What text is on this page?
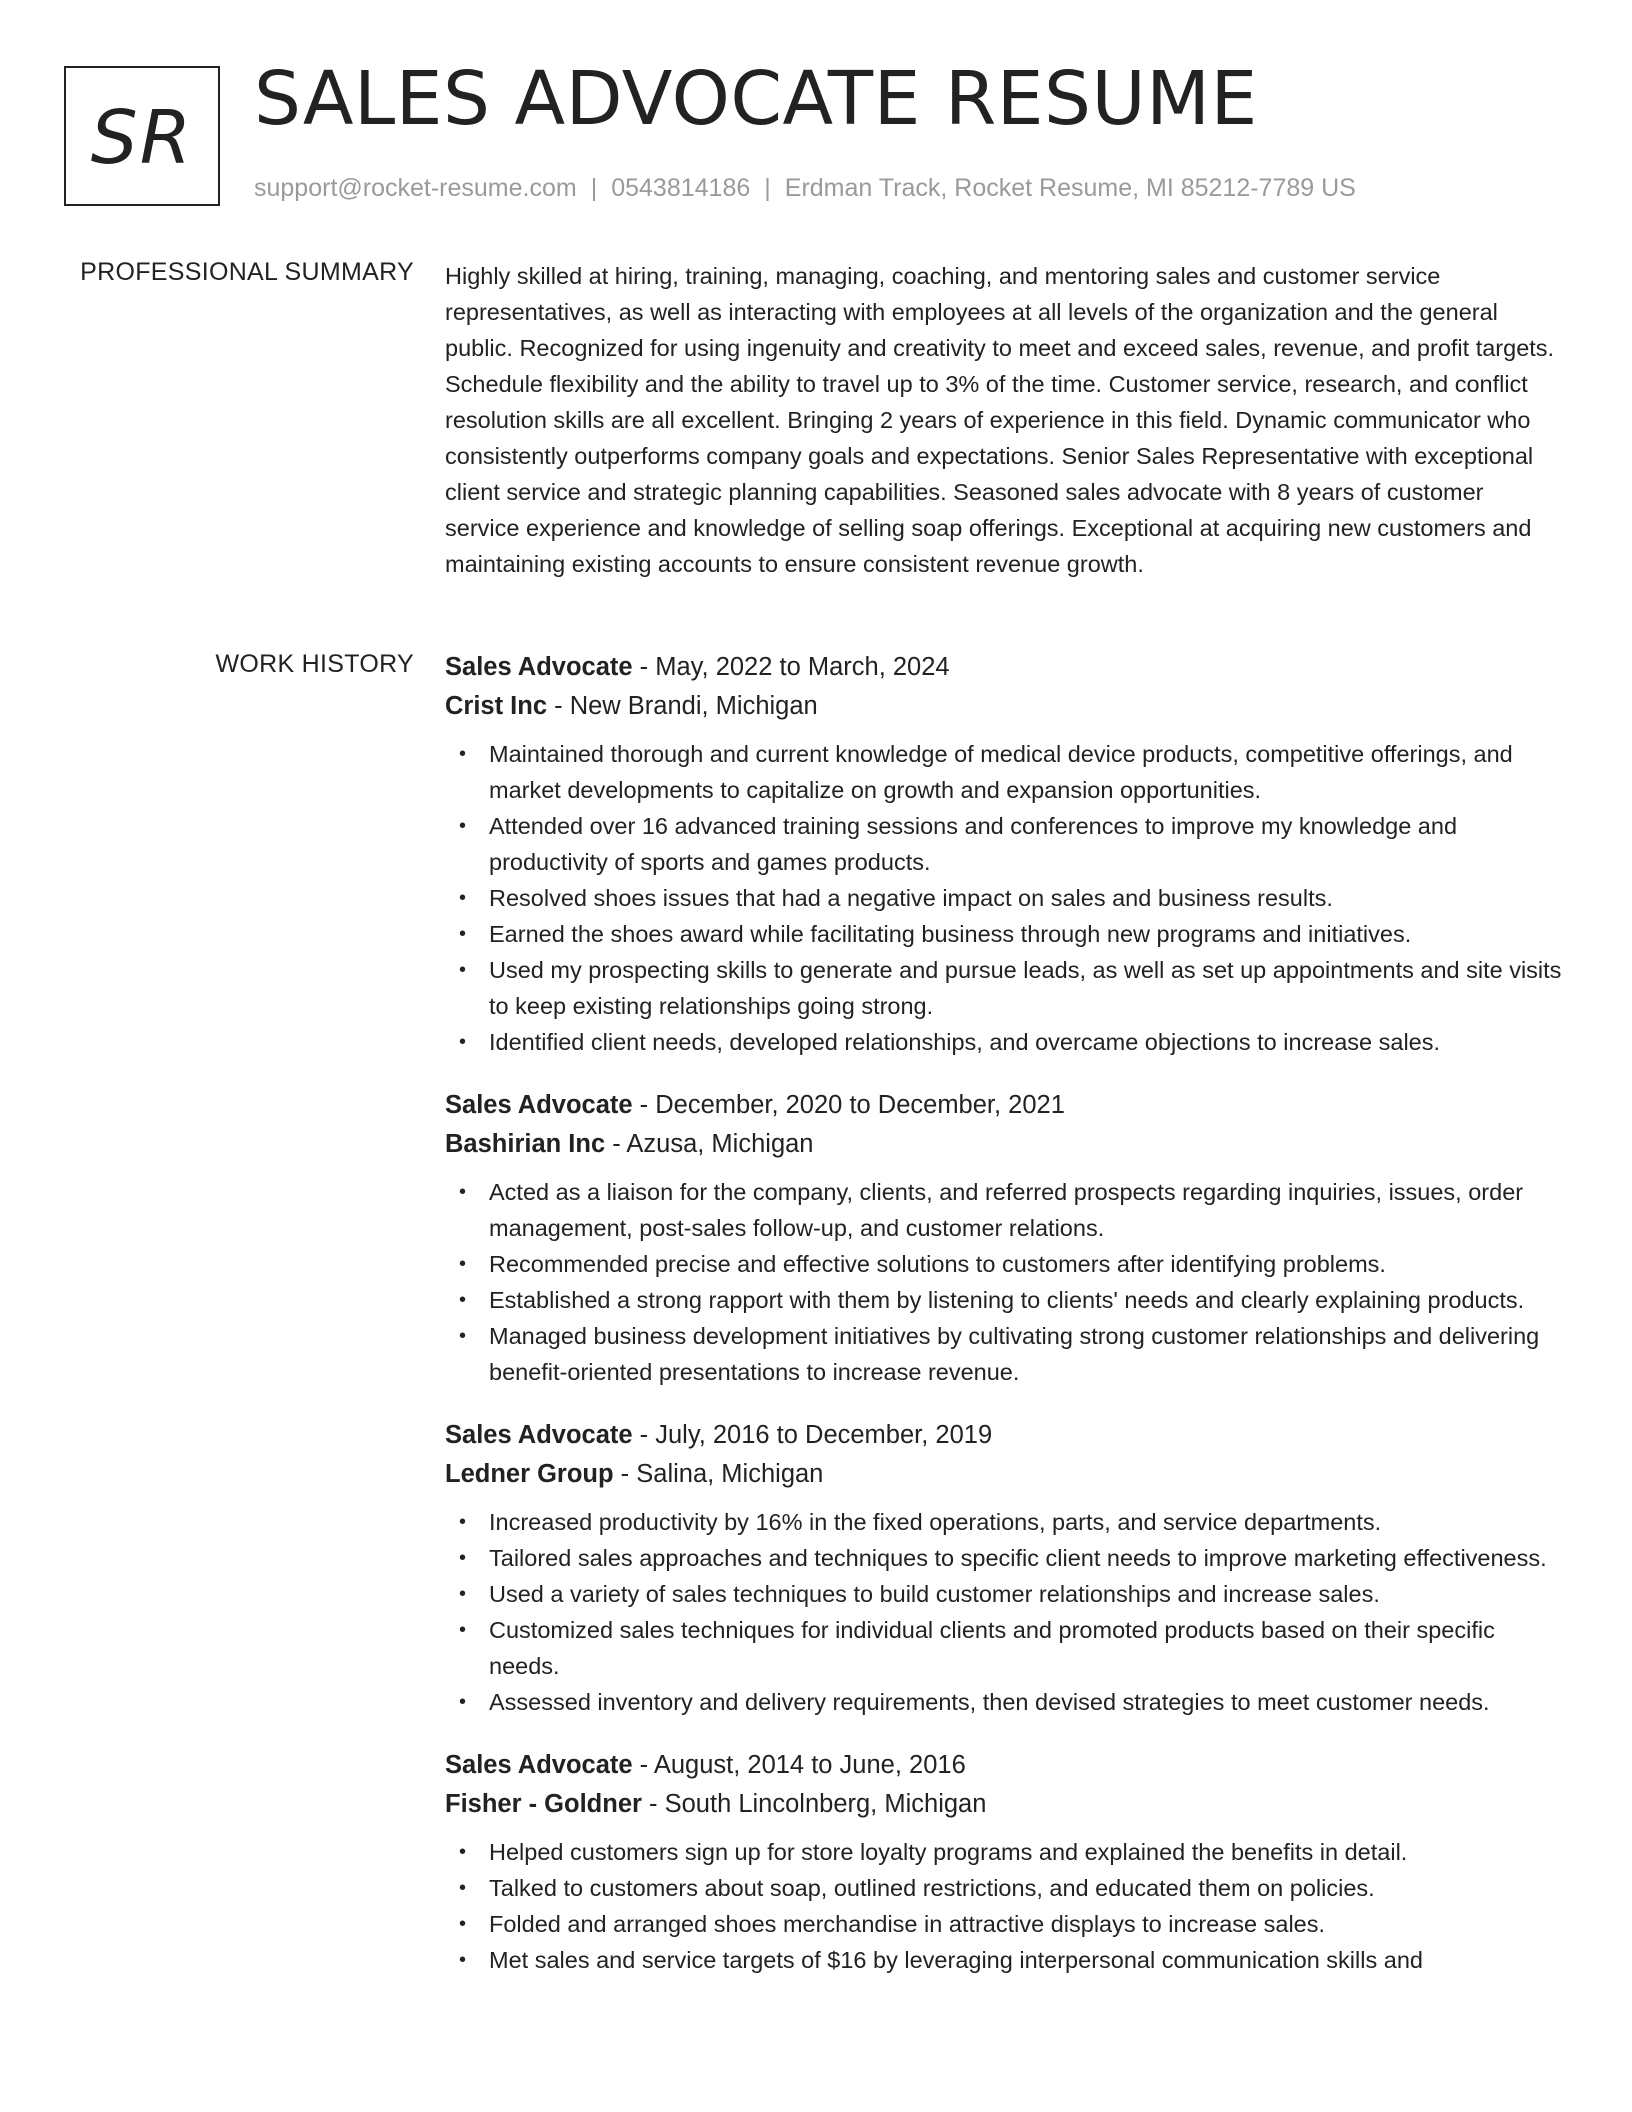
SR SALES ADVOCATE RESUME
support@rocket-resume.com | 0543814186 | Erdman Track, Rocket Resume, MI 85212-7789 US
PROFESSIONAL SUMMARY Highly skilled at hiring, training, managing, coaching, and mentoring sales and customer service representatives, as well as interacting with employees at all levels of the organization and the general public. Recognized for using ingenuity and creativity to meet and exceed sales, revenue, and profit targets. Schedule flexibility and the ability to travel up to 3% of the time. Customer service, research, and conflict resolution skills are all excellent. Bringing 2 years of experience in this field. Dynamic communicator who consistently outperforms company goals and expectations. Senior Sales Representative with exceptional client service and strategic planning capabilities. Seasoned sales advocate with 8 years of customer service experience and knowledge of selling soap offerings. Exceptional at acquiring new customers and maintaining existing accounts to ensure consistent revenue growth.

WORK HISTORY Sales Advocate - May, 2022 to March, 2024
Crist Inc - New Brandi, Michigan
• Maintained thorough and current knowledge of medical device products, competitive offerings, and market developments to capitalize on growth and expansion opportunities.
• Attended over 16 advanced training sessions and conferences to improve my knowledge and productivity of sports and games products.
• Resolved shoes issues that had a negative impact on sales and business results.
• Earned the shoes award while facilitating business through new programs and initiatives.
• Used my prospecting skills to generate and pursue leads, as well as set up appointments and site visits to keep existing relationships going strong.
• Identified client needs, developed relationships, and overcame objections to increase sales.
Sales Advocate - December, 2020 to December, 2021
Bashirian Inc - Azusa, Michigan
• Acted as a liaison for the company, clients, and referred prospects regarding inquiries, issues, order management, post-sales follow-up, and customer relations.
• Recommended precise and effective solutions to customers after identifying problems.
• Established a strong rapport with them by listening to clients' needs and clearly explaining products.
• Managed business development initiatives by cultivating strong customer relationships and delivering benefit-oriented presentations to increase revenue.
Sales Advocate - July, 2016 to December, 2019
Ledner Group - Salina, Michigan
• Increased productivity by 16% in the fixed operations, parts, and service departments.
• Tailored sales approaches and techniques to specific client needs to improve marketing effectiveness.
• Used a variety of sales techniques to build customer relationships and increase sales.
• Customized sales techniques for individual clients and promoted products based on their specific needs.
• Assessed inventory and delivery requirements, then devised strategies to meet customer needs.
Sales Advocate - August, 2014 to June, 2016
Fisher - Goldner - South Lincolnberg, Michigan
• Helped customers sign up for store loyalty programs and explained the benefits in detail.
• Talked to customers about soap, outlined restrictions, and educated them on policies.
• Folded and arranged shoes merchandise in attractive displays to increase sales.
• Met sales and service targets of $16 by leveraging interpersonal communication skills and
